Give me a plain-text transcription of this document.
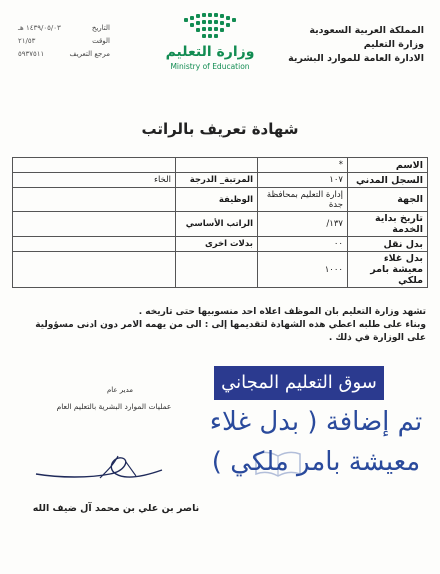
المملكة العربية السعودية
وزارة التعليم
الادارة العامة للموارد البشرية
وزارة التعليم
Ministry of Education
١٤٣٩/٠٥/٠٣ هـ	التاريخ
٢١/٥٣	الوقت
٥٩٣٧٥١١	مرجع التعريف
شهادة تعريف بالراتب
الاسم	*		
السجل المدني	١٠٧	المرتبة_ الدرجة	الخاء
الجهة	إدارة التعليم بمحافظة جدة	الوظيفة	
تاريخ بداية الخدمة	١٣٧/	الراتب الأساسي	
بدل نقل	٠٠	بدلات اخرى	
بدل غلاء معيشة بامر ملكي	١٠٠٠		
تشهد وزارة التعليم بان الموظف اعلاه احد منسوبيها حتى تاريخه .
وبناء على طلبه اعطي هذه الشهادة لتقديمها إلى : الى من يهمه الامر دون ادنى مسؤولية على الوزارة في ذلك .
مدير عام
عمليات الموارد البشرية بالتعليم العام
ناصر بن علي بن محمد آل ضيف الله
سوق التعليم المجاني
تم إضافة ( بدل غلاء معيشة بامر ملكي )
